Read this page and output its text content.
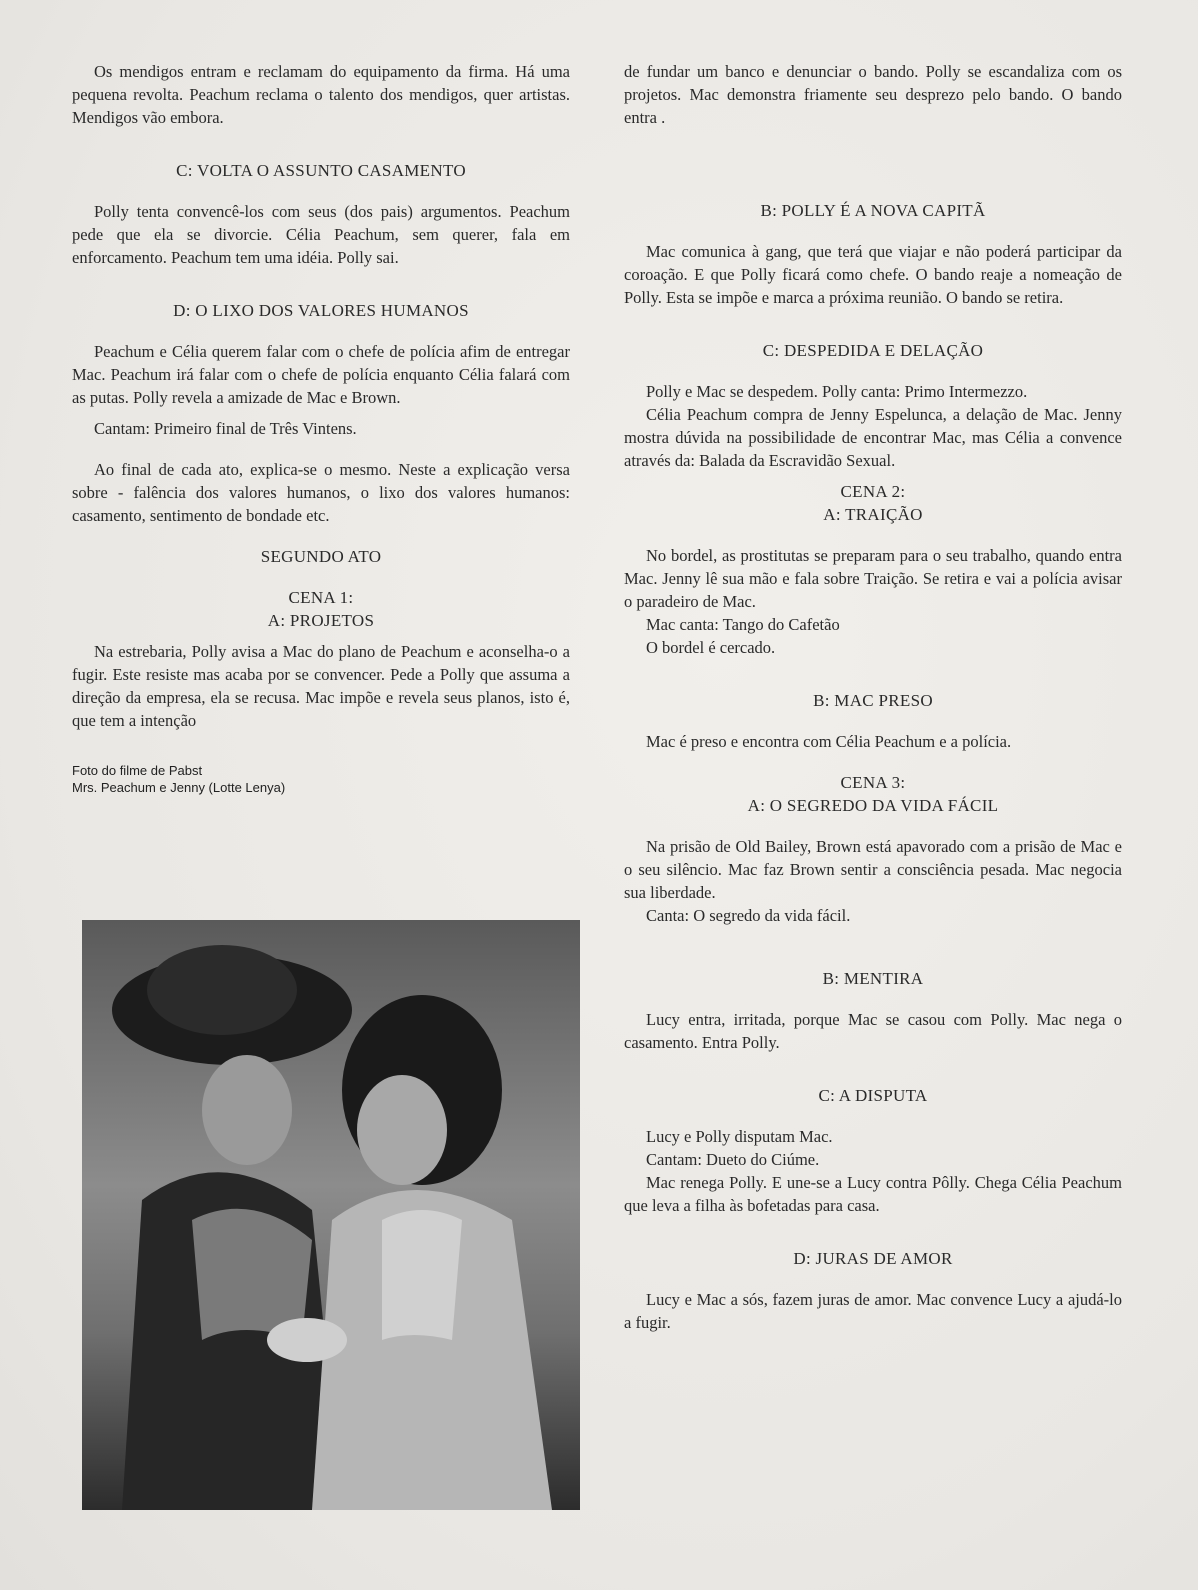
Os mendigos entram e reclamam do equipamento da firma. Há uma pequena revolta. Peachum reclama o talento dos mendigos, quer artistas. Mendigos vão embora.

C: VOLTA O ASSUNTO CASAMENTO

Polly tenta convencê-los com seus (dos pais) argumentos. Peachum pede que ela se divorcie. Célia Peachum, sem querer, fala em enforcamento. Peachum tem uma idéia. Polly sai.

D: O LIXO DOS VALORES HUMANOS

Peachum e Célia querem falar com o chefe de polícia afim de entregar Mac. Peachum irá falar com o chefe de polícia enquanto Célia falará com as putas. Polly revela a amizade de Mac e Brown.

Cantam: Primeiro final de Três Vintens.

Ao final de cada ato, explica-se o mesmo. Neste a explicação versa sobre - falência dos valores humanos, o lixo dos valores humanos: casamento, sentimento de bondade etc.

SEGUNDO ATO
CENA 1:
A: PROJETOS

Na estrebaria, Polly avisa a Mac do plano de Peachum e aconselha-o a fugir. Este resiste mas acaba por se convencer. Pede a Polly que assuma a direção da empresa, ela se recusa. Mac impõe e revela seus planos, isto é, que tem a intenção

Foto do filme de Pabst
Mrs. Peachum e Jenny (Lotte Lenya)

de fundar um banco e denunciar o bando. Polly se escandaliza com os projetos. Mac demonstra friamente seu desprezo pelo bando. O bando entra .

B: POLLY É A NOVA CAPITÃ

Mac comunica à gang, que terá que viajar e não poderá participar da coroação. E que Polly ficará como chefe. O bando reaje a nomeação de Polly. Esta se impõe e marca a próxima reunião. O bando se retira.

C: DESPEDIDA E DELAÇÃO

Polly e Mac se despedem. Polly canta: Primo Intermezzo.

Célia Peachum compra de Jenny Espelunca, a delação de Mac. Jenny mostra dúvida na possibilidade de encontrar Mac, mas Célia a convence através da: Balada da Escravidão Sexual.

CENA 2:
A: TRAIÇÃO

No bordel, as prostitutas se preparam para o seu trabalho, quando entra Mac. Jenny lê sua mão e fala sobre Traição. Se retira e vai a polícia avisar o paradeiro de Mac.

Mac canta: Tango do Cafetão

O bordel é cercado.

B: MAC PRESO

Mac é preso e encontra com Célia Peachum e a polícia.

CENA 3:
A: O SEGREDO DA VIDA FÁCIL

Na prisão de Old Bailey, Brown está apavorado com a prisão de Mac e o seu silêncio. Mac faz Brown sentir a consciência pesada. Mac negocia sua liberdade.

Canta: O segredo da vida fácil.

B: MENTIRA

Lucy entra, irritada, porque Mac se casou com Polly. Mac nega o casamento. Entra Polly.

C: A DISPUTA

Lucy e Polly disputam Mac.

Cantam: Dueto do Ciúme.

Mac renega Polly. E une-se a Lucy contra Pôlly. Chega Célia Peachum que leva a filha às bofetadas para casa.

D: JURAS DE AMOR

Lucy e Mac a sós, fazem juras de amor. Mac convence Lucy a ajudá-lo a fugir.
